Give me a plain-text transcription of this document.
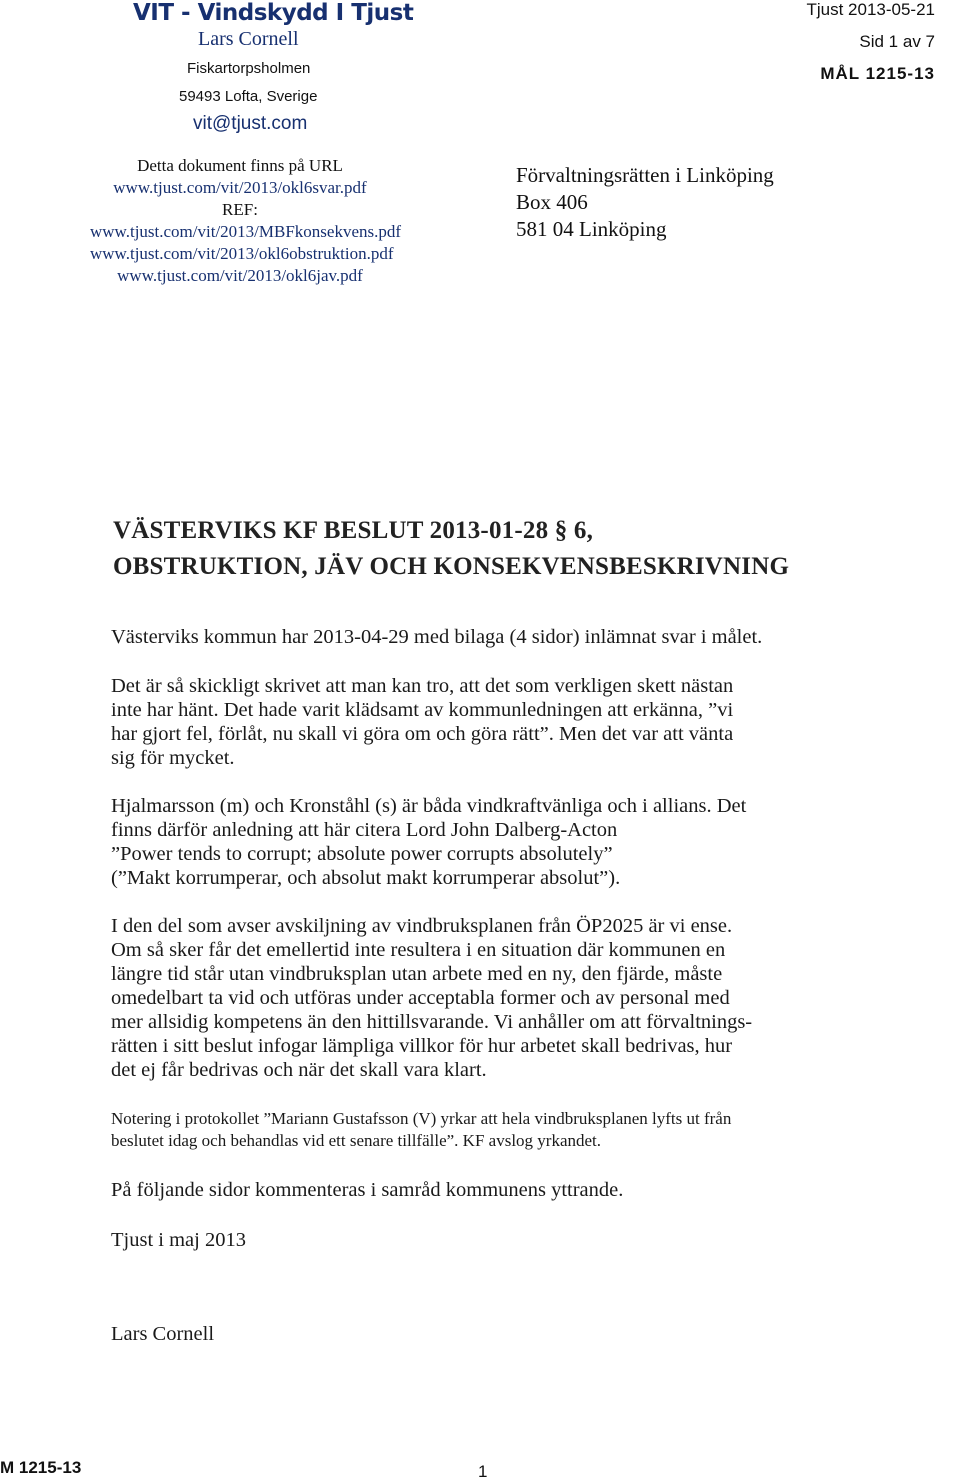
VIT - Vindskydd I Tjust
Lars Cornell
Fiskartorpsholmen
59493 Lofta, Sverige
vit@tjust.com
Detta dokument finns på URL
www.tjust.com/vit/2013/okl6svar.pdf
REF:
www.tjust.com/vit/2013/MBFkonsekvens.pdf
www.tjust.com/vit/2013/okl6obstruktion.pdf
www.tjust.com/vit/2013/okl6jav.pdf
Tjust 2013-05-21
Sid 1 av 7
MÅL 1215-13
Förvaltningsrätten i Linköping
Box 406
581 04 Linköping
VÄSTERVIKS KF BESLUT 2013-01-28 § 6,
OBSTRUKTION, JÄV OCH KONSEKVENSBESKRIVNING

Västerviks kommun har 2013-04-29 med bilaga (4 sidor) inlämnat svar i målet.

Det är så skickligt skrivet att man kan tro, att det som verkligen skett nästan
inte har hänt. Det hade varit klädsamt av kommunledningen att erkänna, ”vi
har gjort fel, förlåt, nu skall vi göra om och göra rätt”. Men det var att vänta
sig för mycket.

Hjalmarsson (m) och Kronståhl (s) är båda vindkraftvänliga och i allians. Det
finns därför anledning att här citera Lord John Dalberg-Acton
”Power tends to corrupt; absolute power corrupts absolutely”
(”Makt korrumperar, och absolut makt korrumperar absolut”).

I den del som avser avskiljning av vindbruksplanen från ÖP2025 är vi ense.
Om så sker får det emellertid inte resultera i en situation där kommunen en
längre tid står utan vindbruksplan utan arbete med en ny, den fjärde, måste
omedelbart ta vid och utföras under acceptabla former och av personal med
mer allsidig kompetens än den hittillsvarande. Vi anhåller om att förvaltnings-
rätten i sitt beslut infogar lämpliga villkor för hur arbetet skall bedrivas, hur
det ej får bedrivas och när det skall vara klart.

Notering i protokollet ”Mariann Gustafsson (V) yrkar att hela vindbruksplanen lyfts ut från
beslutet idag och behandlas vid ett senare tillfälle”. KF avslog yrkandet.

På följande sidor kommenteras i samråd kommunens yttrande.

Tjust i maj 2013

Lars Cornell

M 1215-13	1
